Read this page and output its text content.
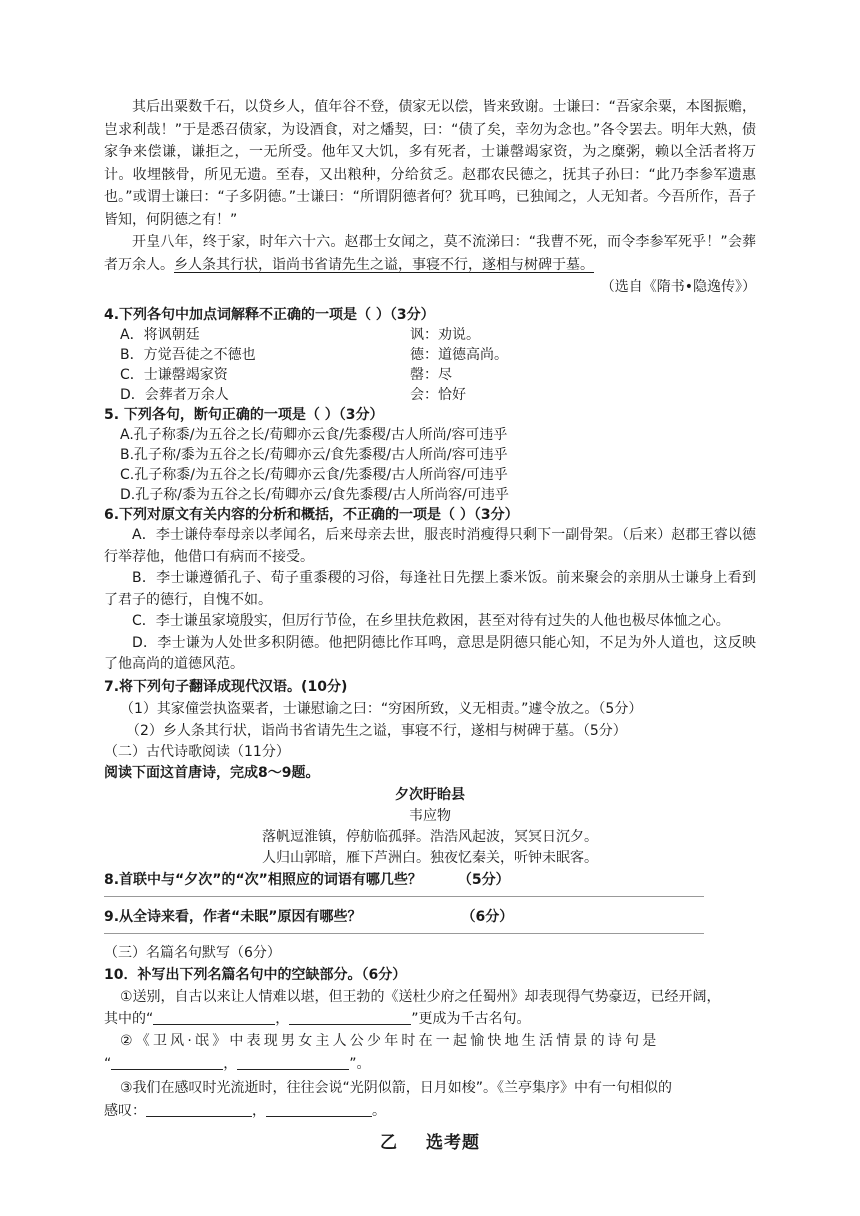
其后出粟数千石，以贷乡人，值年谷不登，债家无以偿，皆来致谢。士谦曰：“吾家余粟，本图振赡，岂求利哉！”于是悉召债家，为设酒食，对之燔契，曰：“债了矣，幸勿为念也。”各令罢去。明年大熟，债家争来偿谦，谦拒之，一无所受。他年又大饥，多有死者，士谦罄竭家资，为之糜粥，赖以全活者将万计。收埋骸骨，所见无遗。至春，又出粮种，分给贫乏。赵郡农民德之，抚其子孙曰：“此乃李参军遗惠也。”或谓士谦曰：“子多阴德。”士谦曰：“所谓阴德者何？犹耳鸣，已独闻之，人无知者。今吾所作，吾子皆知，何阴德之有！”

开皇八年，终于家，时年六十六。赵郡士女闻之，莫不流涕曰：“我曹不死，而令李参军死乎！”会葬者万余人。乡人条其行状，诣尚书省请先生之谥，事寝不行，遂相与树碑于墓。

（选自《隋书•隐逸传》）

4.下列各句中加点词解释不正确的一项是（ ）（3分）

A．将讽朝廷	讽：劝说。
B．方觉吾徒之不德也	德：道德高尚。
C．士谦罄竭家资	罄：尽
D．会葬者万余人	会：恰好

5. 下列各句，断句正确的一项是（ ）（3分）

A.孔子称黍/为五谷之长/荀卿亦云食/先黍稷/古人所尚/容可违乎

B.孔子称/黍为五谷之长/荀卿亦云/食先黍稷/古人所尚/容可违乎

C.孔子称黍/为五谷之长/荀卿亦云食/先黍稷/古人所尚容/可违乎

D.孔子称/黍为五谷之长/荀卿亦云/食先黍稷/古人所尚容/可违乎

6.下列对原文有关内容的分析和概括，不正确的一项是（ ）（3分）

A．李士谦侍奉母亲以孝闻名，后来母亲去世，服丧时消瘦得只剩下一副骨架。（后来）赵郡王睿以德行举荐他，他借口有病而不接受。

B．李士谦遵循孔子、荀子重黍稷的习俗，每逢社日先摆上黍米饭。前来聚会的亲朋从士谦身上看到了君子的德行，自愧不如。

C．李士谦虽家境殷实，但厉行节俭，在乡里扶危救困，甚至对待有过失的人他也极尽体恤之心。

D．李士谦为人处世多积阴德。他把阴德比作耳鸣，意思是阴德只能心知，不足为外人道也，这反映了他高尚的道德风范。

7.将下列句子翻译成现代汉语。(10分)

（1）其家僮尝执盗粟者，士谦慰谕之曰：“穷困所致，义无相责。”遽令放之。（5分）

（2）乡人条其行状，诣尚书省请先生之谥，事寝不行，遂相与树碑于墓。（5分）

（二）古代诗歌阅读（11分）

阅读下面这首唐诗，完成8～9题。

夕次盱眙县

韦应物

落帆逗淮镇，停舫临孤驿。浩浩风起波，冥冥日沉夕。

人归山郭暗，雁下芦洲白。独夜忆秦关，听钟未眠客。

8.首联中与“夕次”的“次”相照应的词语有哪几些？	（5分）

9.从全诗来看，作者“未眠”原因有哪些？	（6分）

（三）名篇名句默写（6分）

10．补写出下列名篇名句中的空缺部分。（6分）

①送别，自古以来让人情难以堪，但王勃的《送杜少府之任蜀州》却表现得气势豪迈，已经开阔，

其中的“	，	”更成为千古名句。

②《卫风·氓》中表现男女主人公少年时在一起愉快地生活情景的诗句是

“	，	”。

③我们在感叹时光流逝时，往往会说“光阴似箭，日月如梭”。《兰亭集序》中有一句相似的

感叹：	，	。

乙 选考题
